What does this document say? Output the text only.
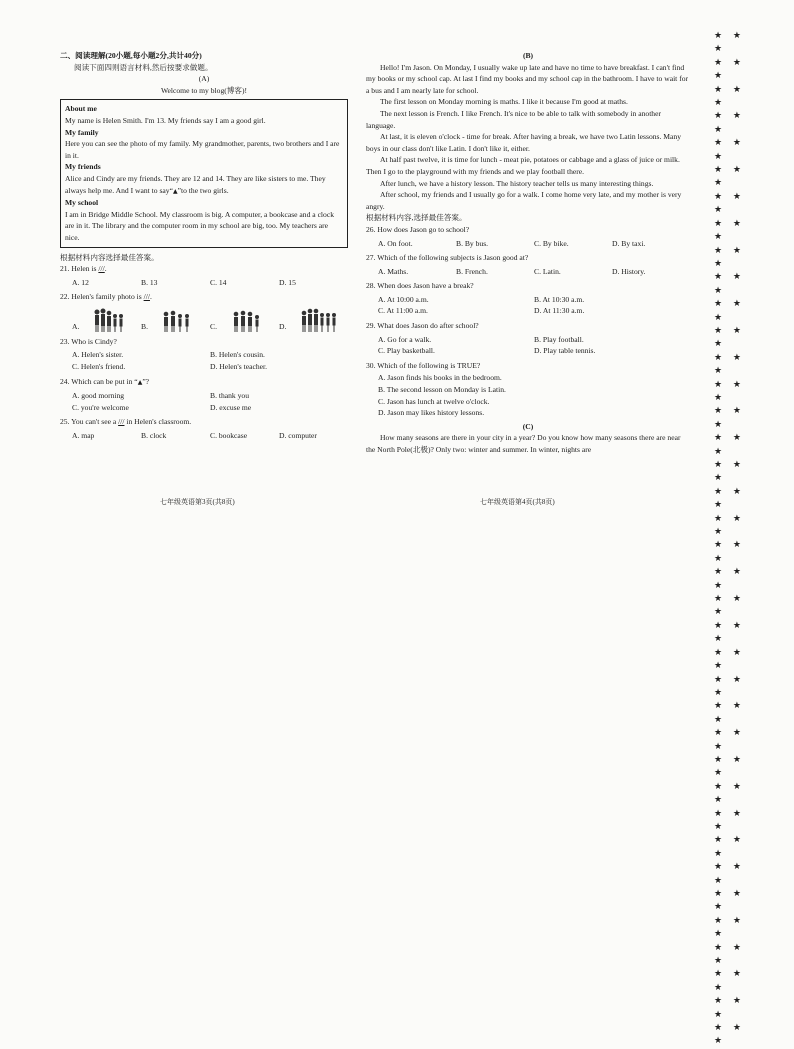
二、阅读理解(20小题,每小题2分,共计40分)

阅读下面四则语言材料,然后按要求做题。

(A)

Welcome to my blog(博客)!

About me

My name is Helen Smith. I'm 13. My friends say I am a good girl.

My family

Here you can see the photo of my family. My grandmother, parents, two brothers and I are in it.

My friends

Alice and Cindy are my friends. They are 12 and 14. They are like sisters to me. They always help me. And I want to say“▲”to the two girls.

My school

I am in Bridge Middle School. My classroom is big. A computer, a bookcase and a clock are in it. The library and the computer room in my school are big, too. My teachers are nice.

根据材料内容选择最佳答案。

21. Helen is ///.

A. 12	B. 13	C. 14	D. 15

22. Helen's family photo is ///.

A.	B.	C.	D.

23. Who is Cindy?

A. Helen's sister.	B. Helen's cousin.
C. Helen's friend.	D. Helen's teacher.

24. Which can be put in “▲”?

A. good morning	B. thank you
C. you're welcome	D. excuse me

25. You can't see a /// in Helen's classroom.

A. map	B. clock	C. bookcase	D. computer
七年级英语第3页(共8页)

(B)

Hello! I'm Jason. On Monday, I usually wake up late and have no time to have breakfast. I can't find my books or my school cap. At last I find my books and my school cap in the bathroom. I have to wait for a bus and I am nearly late for school.

The first lesson on Monday morning is maths. I like it because I'm good at maths.

The next lesson is French. I like French. It's nice to be able to talk with somebody in another language.

At last, it is eleven o'clock - time for break. After having a break, we have two Latin lessons. Many boys in our class don't like Latin. I don't like it, either.

At half past twelve, it is time for lunch - meat pie, potatoes or cabbage and a glass of juice or milk. Then I go to the playground with my friends and we play football there.

After lunch, we have a history lesson. The history teacher tells us many interesting things.

After school, my friends and I usually go for a walk. I come home very late, and my mother is very angry.

根据材料内容,选择最佳答案。

26. How does Jason go to school?

A. On foot.	B. By bus.	C. By bike.	D. By taxi.

27. Which of the following subjects is Jason good at?

A. Maths.	B. French.	C. Latin.	D. History.

28. When does Jason have a break?

A. At 10:00 a.m.	B. At 10:30 a.m.
C. At 11:00 a.m.	D. At 11:30 a.m.

29. What does Jason do after school?

A. Go for a walk.	B. Play football.
C. Play basketball.	D. Play table tennis.

30. Which of the following is TRUE?

A. Jason finds his books in the bedroom.

B. The second lesson on Monday is Latin.

C. Jason has lunch at twelve o'clock.

D. Jason may likes history lessons.

(C)

How many seasons are there in your city in a year? Do you know how many seasons there are near the North Pole(北极)? Only two: winter and summer. In winter, nights are

七年级英语第4页(共8页)
★ ★ ★
★ ★ ★
★ ★ ★
★ ★ ★
★ ★ ★
★ ★ ★
★ ★ ★
★ ★ ★
★ ★ ★
★ ★ ★
★ ★ ★
★ ★ ★
★ ★ ★
★ ★ ★
★ ★ ★
★ ★ ★
★ ★ ★
★ ★ ★
★ ★ ★
★ ★ ★
★ ★ ★
★ ★ ★
★ ★ ★
★ ★ ★
★ ★ ★
★ ★ ★
★ ★ ★
★ ★ ★
★ ★ ★
★ ★ ★
★ ★ ★
★ ★ ★
★ ★ ★
★ ★ ★
★ ★ ★
★ ★ ★
★ ★ ★
★ ★ ★
